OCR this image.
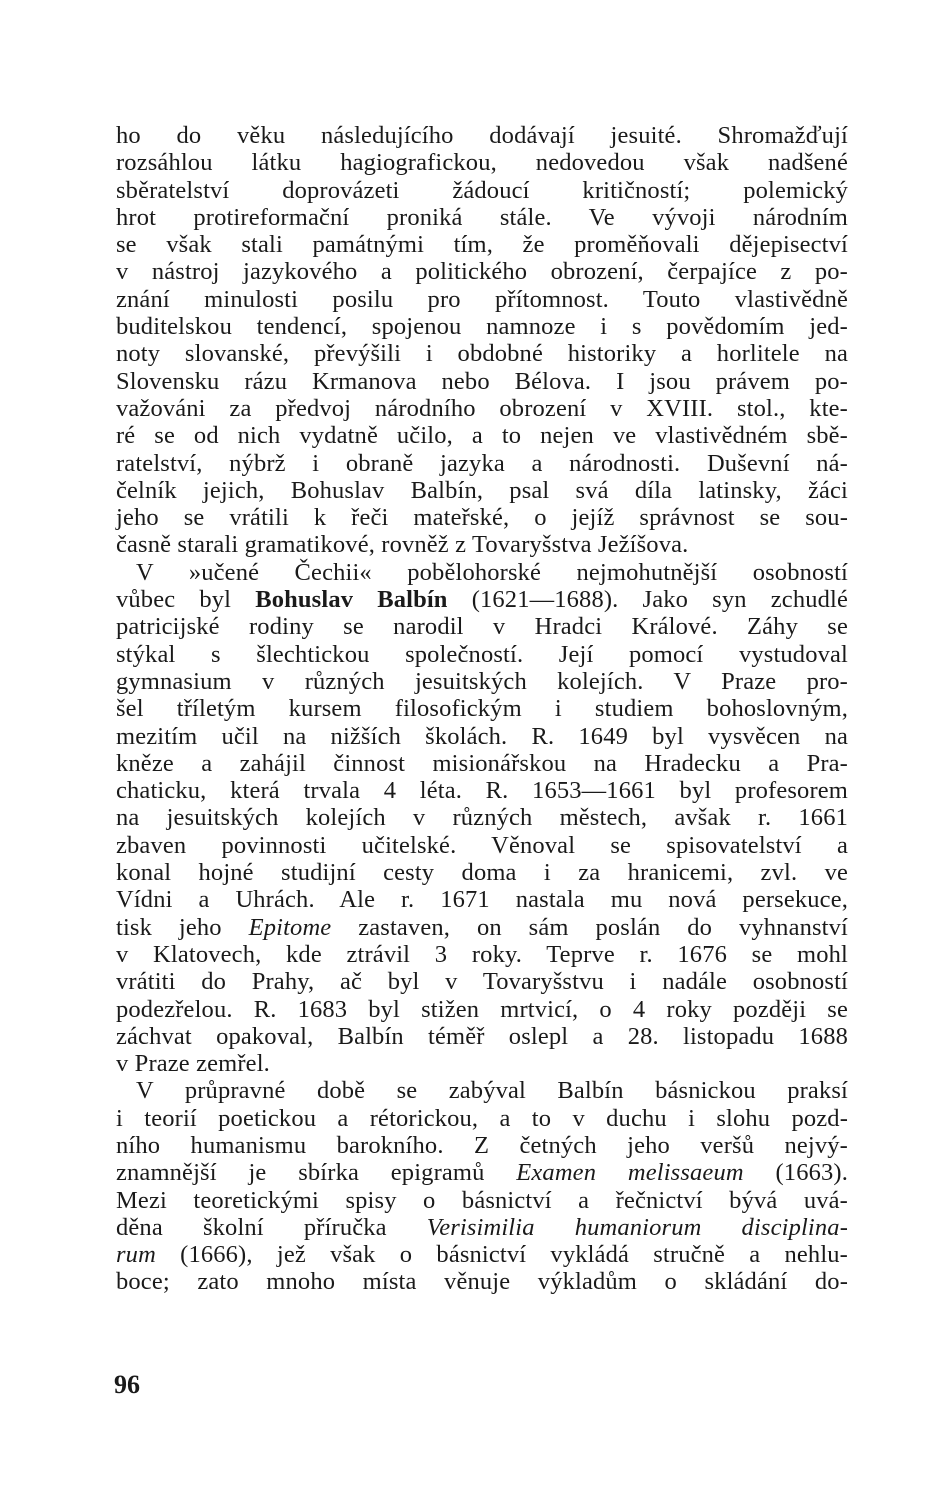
ho do věku následujícího dodávají jesuité. Shromažďují
rozsáhlou látku hagiografickou, nedovedou však nadšené
sběratelství doprovázeti žádoucí kritičností; polemický
hrot protireformační proniká stále. Ve vývoji národním
se však stali památnými tím, že proměňovali dějepisectví
v nástroj jazykového a politického obrození, čerpajíce z po-
znání minulosti posilu pro přítomnost. Touto vlastivědně
buditelskou tendencí, spojenou namnoze i s povědomím jed-
noty slovanské, převýšili i obdobné historiky a horlitele na
Slovensku rázu Krmanova nebo Bélova. I jsou právem po-
važováni za předvoj národního obrození v XVIII. stol., kte-
ré se od nich vydatně učilo, a to nejen ve vlastivědném sbě-
ratelství, nýbrž i obraně jazyka a národnosti. Duševní ná-
čelník jejich, Bohuslav Balbín, psal svá díla latinsky, žáci
jeho se vrátili k řeči mateřské, o jejíž správnost se sou-
časně starali gramatikové, rovněž z Tovaryšstva Ježíšova.
V »učené Čechii« pobělohorské nejmohutnější osobností
vůbec byl Bohuslav Balbín (1621—1688). Jako syn zchudlé
patricijské rodiny se narodil v Hradci Králové. Záhy se
stýkal s šlechtickou společností. Její pomocí vystudoval
gymnasium v různých jesuitských kolejích. V Praze pro-
šel tříletým kursem filosofickým i studiem bohoslovným,
mezitím učil na nižších školách. R. 1649 byl vysvěcen na
kněze a zahájil činnost misionářskou na Hradecku a Pra-
chaticku, která trvala 4 léta. R. 1653—1661 byl profesorem
na jesuitských kolejích v různých městech, avšak r. 1661
zbaven povinnosti učitelské. Věnoval se spisovatelství a
konal hojné studijní cesty doma i za hranicemi, zvl. ve
Vídni a Uhrách. Ale r. 1671 nastala mu nová persekuce,
tisk jeho Epitome zastaven, on sám poslán do vyhnanství
v Klatovech, kde ztrávil 3 roky. Teprve r. 1676 se mohl
vrátiti do Prahy, ač byl v Tovaryšstvu i nadále osobností
podezřelou. R. 1683 byl stižen mrtvicí, o 4 roky později se
záchvat opakoval, Balbín téměř oslepl a 28. listopadu 1688
v Praze zemřel.
V průpravné době se zabýval Balbín básnickou praksí
i teorií poetickou a rétorickou, a to v duchu i slohu pozd-
ního humanismu barokního. Z četných jeho veršů nejvý-
znamnější je sbírka epigramů Examen melissaeum (1663).
Mezi teoretickými spisy o básnictví a řečnictví bývá uvá-
děna školní příručka Verisimilia humaniorum disciplina-
rum (1666), jež však o básnictví vykládá stručně a nehlu-
boce; zato mnoho místa věnuje výkladům o skládání do-
96
